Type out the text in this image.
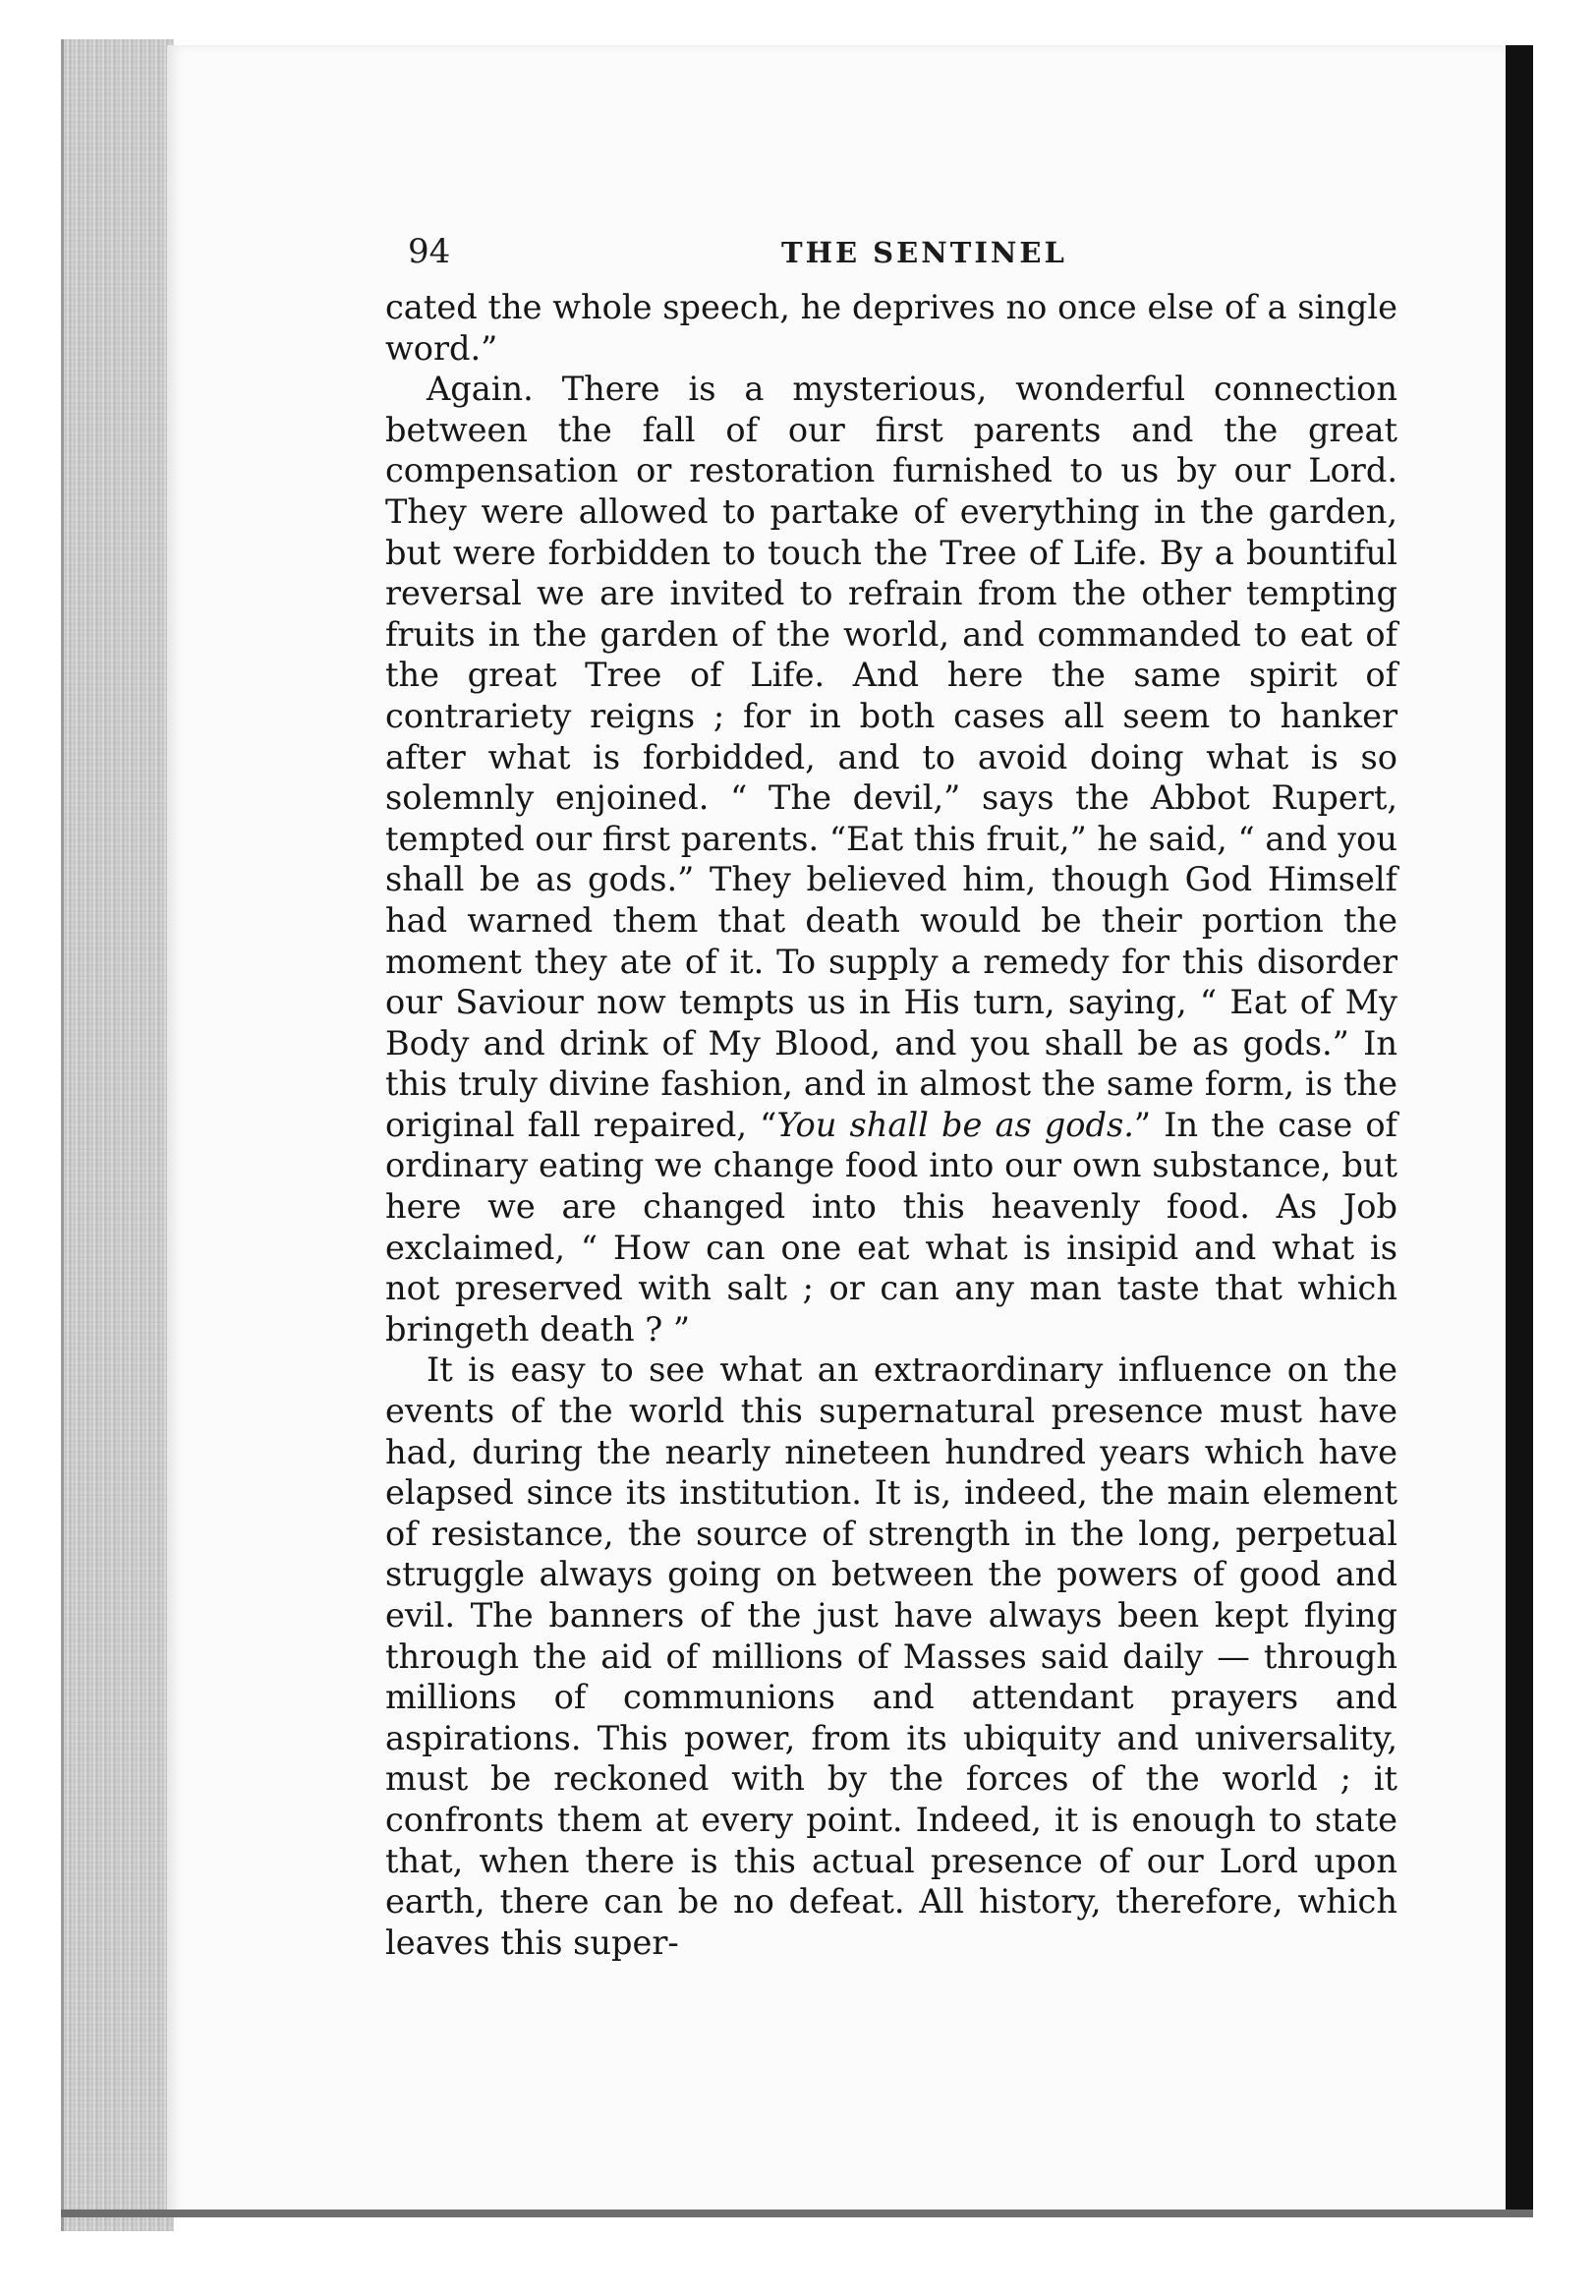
94	THE SENTINEL

cated the whole speech, he deprives no once else of a single word.”

Again. There is a mysterious, wonderful connection between the fall of our first parents and the great compensation or restoration furnished to us by our Lord. They were allowed to partake of everything in the garden, but were forbidden to touch the Tree of Life. By a bountiful reversal we are invited to refrain from the other tempting fruits in the garden of the world, and commanded to eat of the great Tree of Life. And here the same spirit of contrariety reigns ; for in both cases all seem to hanker after what is forbidded, and to avoid doing what is so solemnly enjoined. “ The devil,” says the Abbot Rupert, tempted our first parents. “Eat this fruit,” he said, “ and you shall be as gods.” They believed him, though God Himself had warned them that death would be their portion the moment they ate of it. To supply a remedy for this disorder our Saviour now tempts us in His turn, saying, “ Eat of My Body and drink of My Blood, and you shall be as gods.” In this truly divine fashion, and in almost the same form, is the original fall repaired, “You shall be as gods.” In the case of ordinary eating we change food into our own substance, but here we are changed into this heavenly food. As Job exclaimed, “ How can one eat what is insipid and what is not preserved with salt ; or can any man taste that which bringeth death ? ”

It is easy to see what an extraordinary influence on the events of the world this supernatural presence must have had, during the nearly nineteen hundred years which have elapsed since its institution. It is, indeed, the main element of resistance, the source of strength in the long, perpetual struggle always going on between the powers of good and evil. The banners of the just have always been kept flying through the aid of millions of Masses said daily — through millions of communions and attendant prayers and aspirations. This power, from its ubiquity and universality, must be reckoned with by the forces of the world ; it confronts them at every point. Indeed, it is enough to state that, when there is this actual presence of our Lord upon earth, there can be no defeat. All history, therefore, which leaves this super-
